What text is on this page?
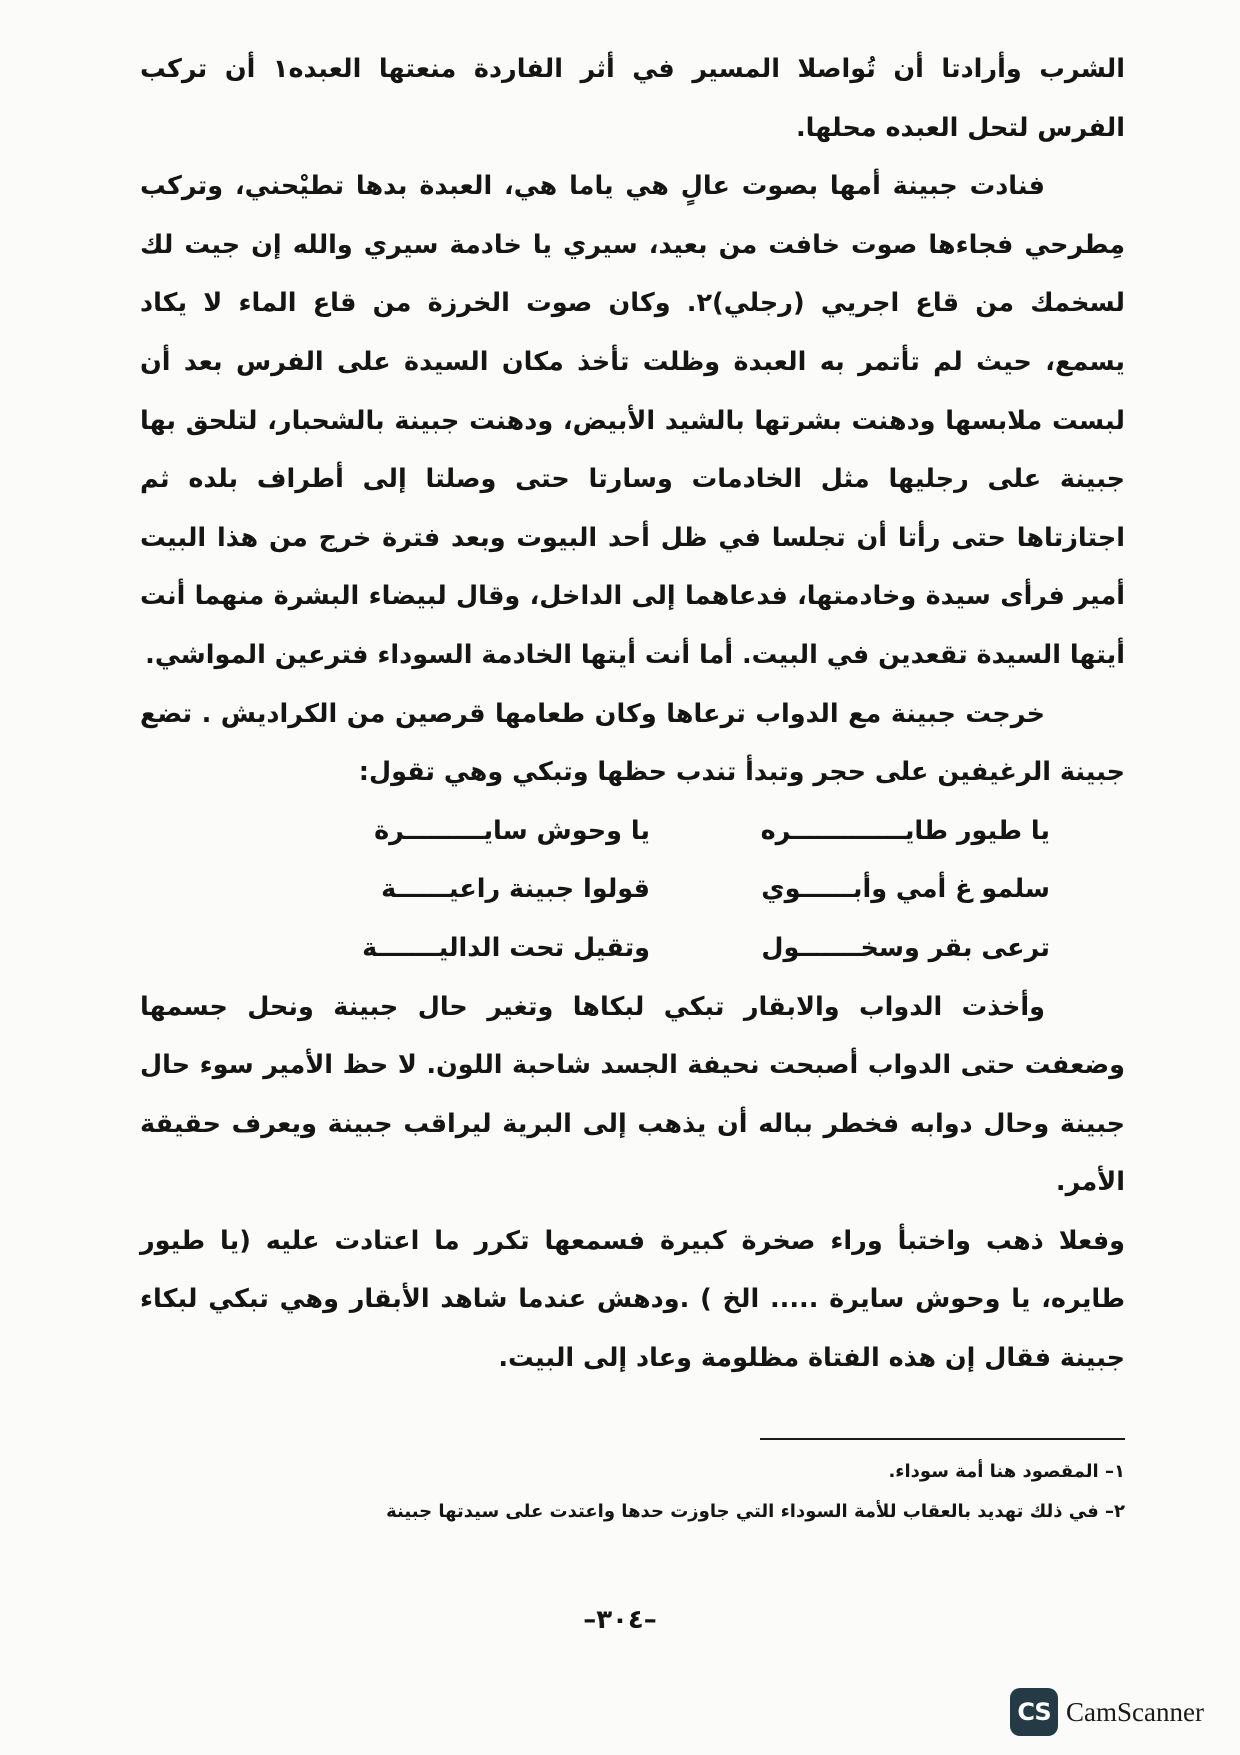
الشرب وأرادتا أن تُواصلا المسير في أثر الفاردة منعتها العبده١ أن تركب الفرس لتحل العبده محلها.

فنادت جبينة أمها بصوت عالٍ هي ياما هي، العبدة بدها تطيْحني، وتركب مِطرحي فجاءها صوت خافت من بعيد، سيري يا خادمة سيري والله إن جيت لك لسخمك من قاع اجريي (رجلي)٢. وكان صوت الخرزة من قاع الماء لا يكاد يسمع، حيث لم تأتمر به العبدة وظلت تأخذ مكان السيدة على الفرس بعد أن لبست ملابسها ودهنت بشرتها بالشيد الأبيض، ودهنت جبينة بالشحبار، لتلحق بها جبينة على رجليها مثل الخادمات وسارتا حتى وصلتا إلى أطراف بلده ثم اجتازتاها حتى رأتا أن تجلسا في ظل أحد البيوت وبعد فترة خرج من هذا البيت أمير فرأى سيدة وخادمتها، فدعاهما إلى الداخل، وقال لبيضاء البشرة منهما أنت أيتها السيدة تقعدين في البيت. أما أنت أيتها الخادمة السوداء فترعين المواشي.

خرجت جبينة مع الدواب ترعاها وكان طعامها قرصين من الكراديش . تضع جبينة الرغيفين على حجر وتبدأ تندب حظها وتبكي وهي تقول:

يا طيور طايـــــــــــــره
يا وحوش سايـــــــــرة
سلمو غ أمي وأبــــــوي
قولوا جبينة راعيــــــة
ترعى بقر وسخـــــــول
وتقيل تحت الداليـــــــة

وأخذت الدواب والابقار تبكي لبكاها وتغير حال جبينة ونحل جسمها وضعفت حتى الدواب أصبحت نحيفة الجسد شاحبة اللون. لا حظ الأمير سوء حال جبينة وحال دوابه فخطر بباله أن يذهب إلى البرية ليراقب جبينة ويعرف حقيقة الأمر.

وفعلا ذهب واختبأ وراء صخرة كبيرة فسمعها تكرر ما اعتادت عليه (يا طيور طايره، يا وحوش سايرة ..... الخ ) .ودهش عندما شاهد الأبقار وهي تبكي لبكاء جبينة فقال إن هذه الفتاة مظلومة وعاد إلى البيت.

١– المقصود هنا أمة سوداء.
٢– في ذلك تهديد بالعقاب للأمة السوداء التي جاوزت حدها واعتدت على سيدتها جبينة
–٣٠٤–
CS CamScanner
